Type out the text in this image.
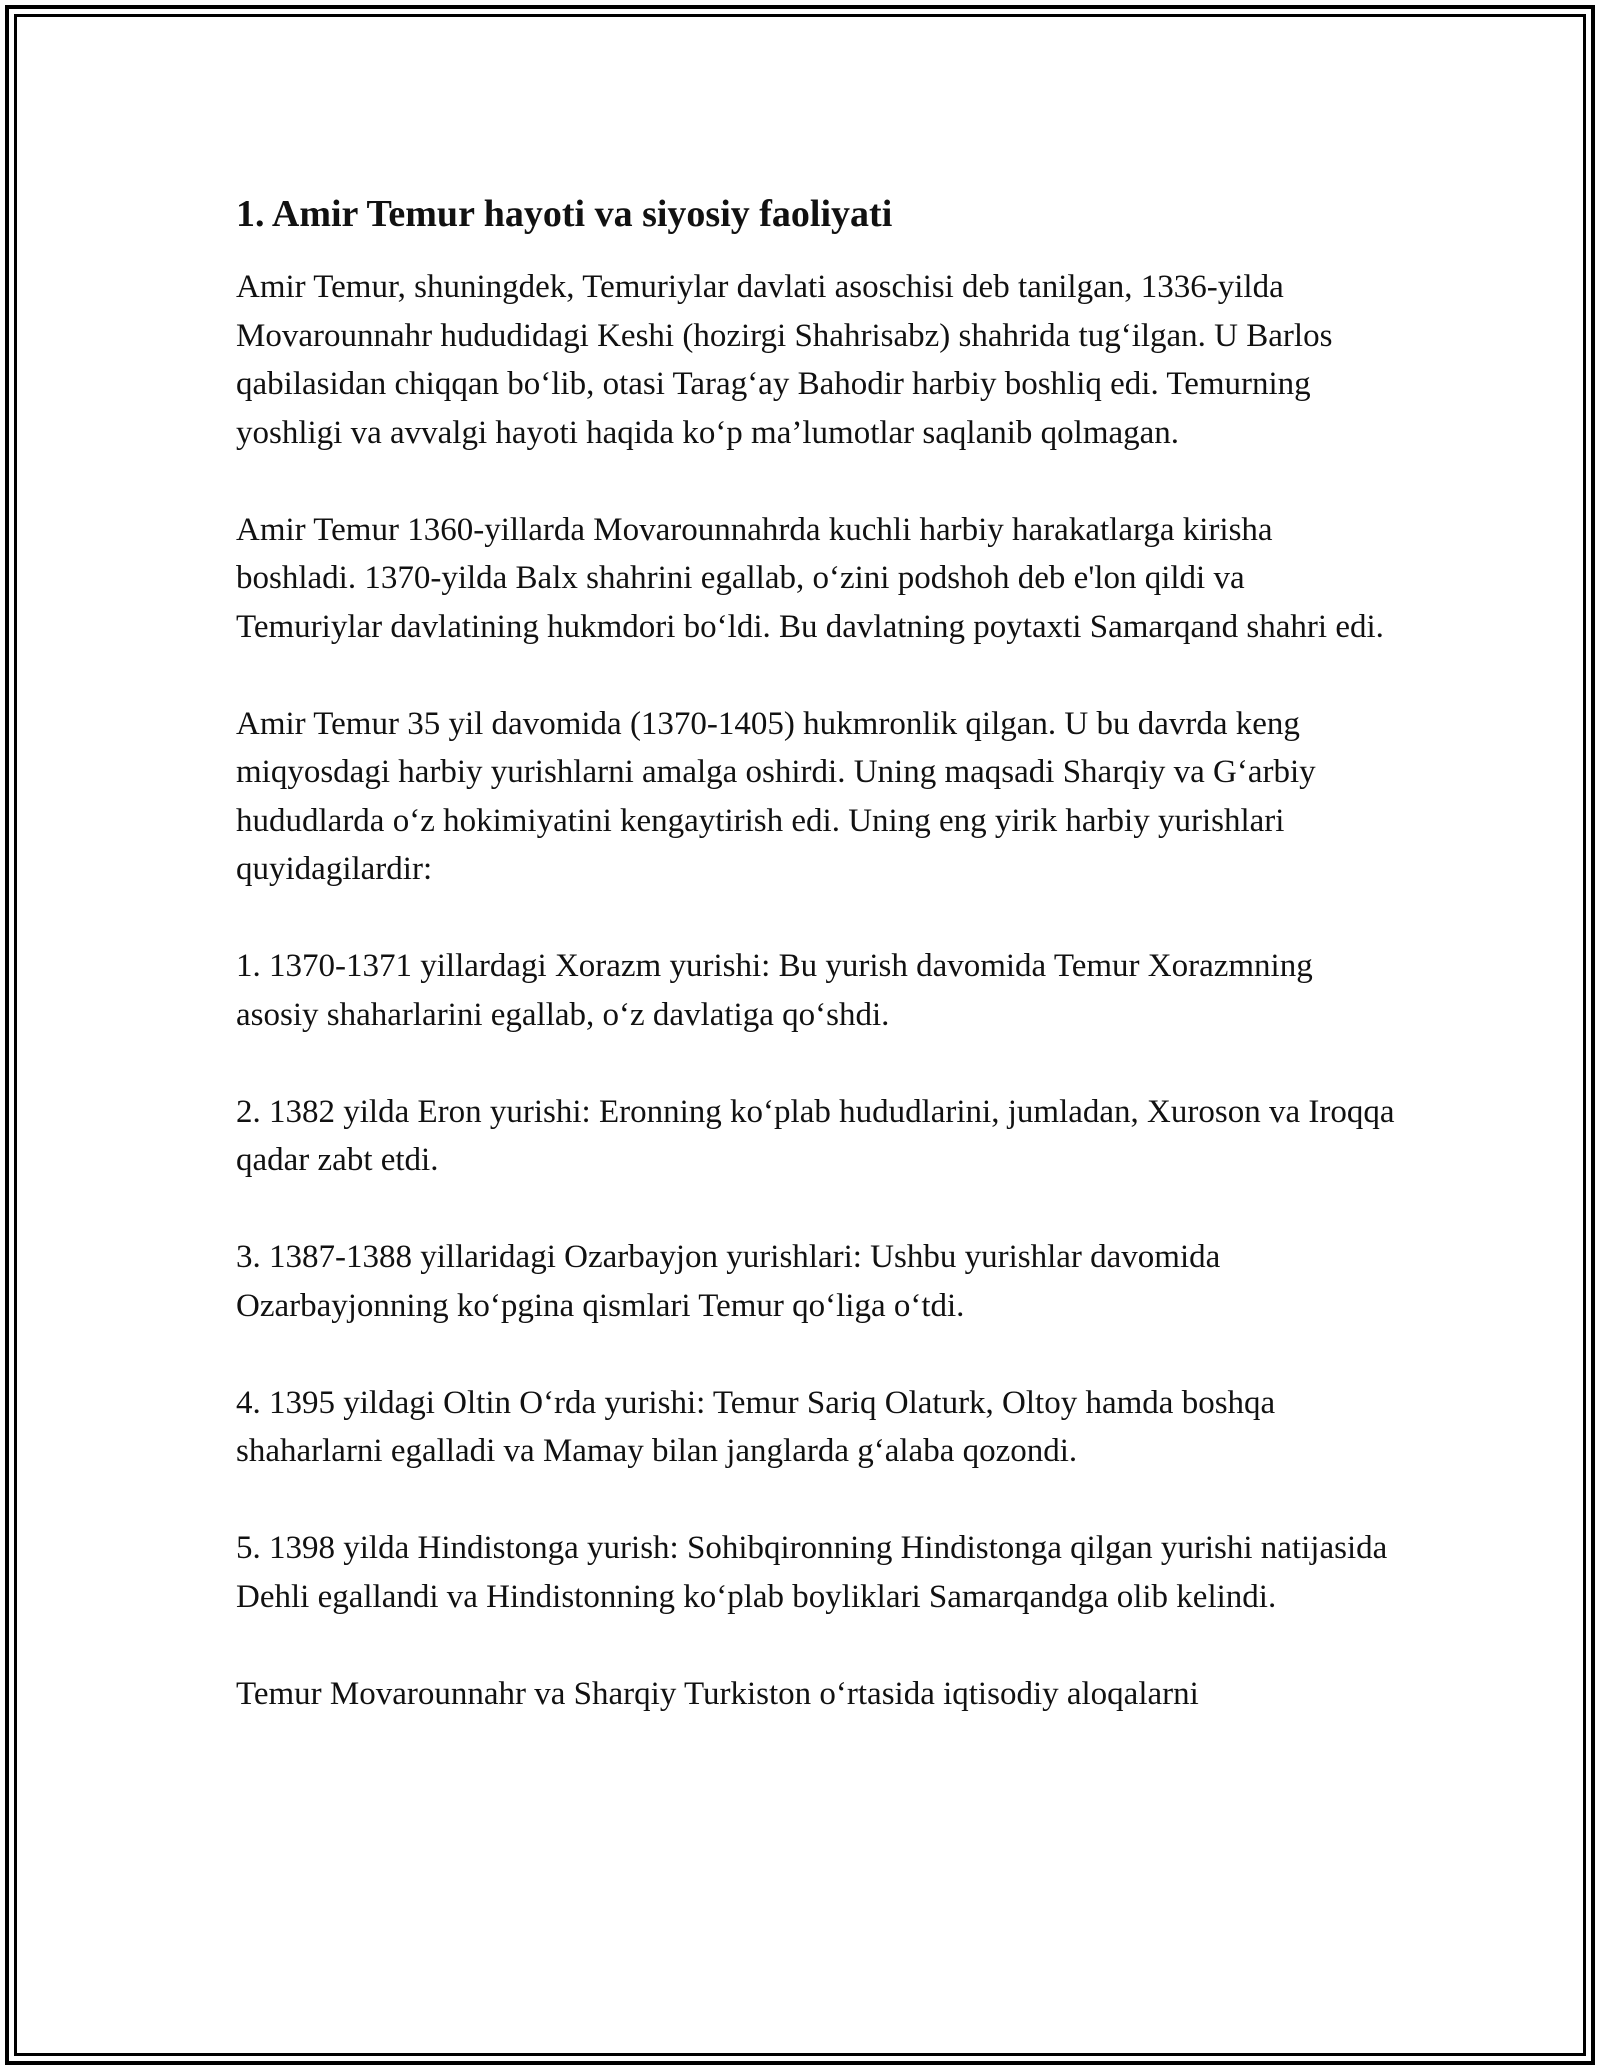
1. Amir Temur hayoti va siyosiy faoliyati

Amir Temur, shuningdek, Temuriylar davlati asoschisi deb tanilgan, 1336-yilda Movarounnahr hududidagi Keshi (hozirgi Shahrisabz) shahrida tug‘ilgan. U Barlos qabilasidan chiqqan bo‘lib, otasi Tarag‘ay Bahodir harbiy boshliq edi. Temurning yoshligi va avvalgi hayoti haqida ko‘p ma’lumotlar saqlanib qolmagan.

Amir Temur 1360-yillarda Movarounnahrda kuchli harbiy harakatlarga kirisha boshladi. 1370-yilda Balx shahrini egallab, o‘zini podshoh deb e'lon qildi va Temuriylar davlatining hukmdori bo‘ldi. Bu davlatning poytaxti Samarqand shahri edi.

Amir Temur 35 yil davomida (1370-1405) hukmronlik qilgan. U bu davrda keng miqyosdagi harbiy yurishlarni amalga oshirdi. Uning maqsadi Sharqiy va G‘arbiy hududlarda o‘z hokimiyatini kengaytirish edi. Uning eng yirik harbiy yurishlari quyidagilardir:

1. 1370-1371 yillardagi Xorazm yurishi: Bu yurish davomida Temur Xorazmning asosiy shaharlarini egallab, o‘z davlatiga qo‘shdi.

2. 1382 yilda Eron yurishi: Eronning ko‘plab hududlarini, jumladan, Xuroson va Iroqqa qadar zabt etdi.

3. 1387-1388 yillaridagi Ozarbayjon yurishlari: Ushbu yurishlar davomida Ozarbayjonning ko‘pgina qismlari Temur qo‘liga o‘tdi.

4. 1395 yildagi Oltin O‘rda yurishi: Temur Sariq Olaturk, Oltoy hamda boshqa shaharlarni egalladi va Mamay bilan janglarda g‘alaba qozondi.

5. 1398 yilda Hindistonga yurish: Sohibqironning Hindistonga qilgan yurishi natijasida Dehli egallandi va Hindistonning ko‘plab boyliklari Samarqandga olib kelindi.

Temur Movarounnahr va Sharqiy Turkiston o‘rtasida iqtisodiy aloqalarni
